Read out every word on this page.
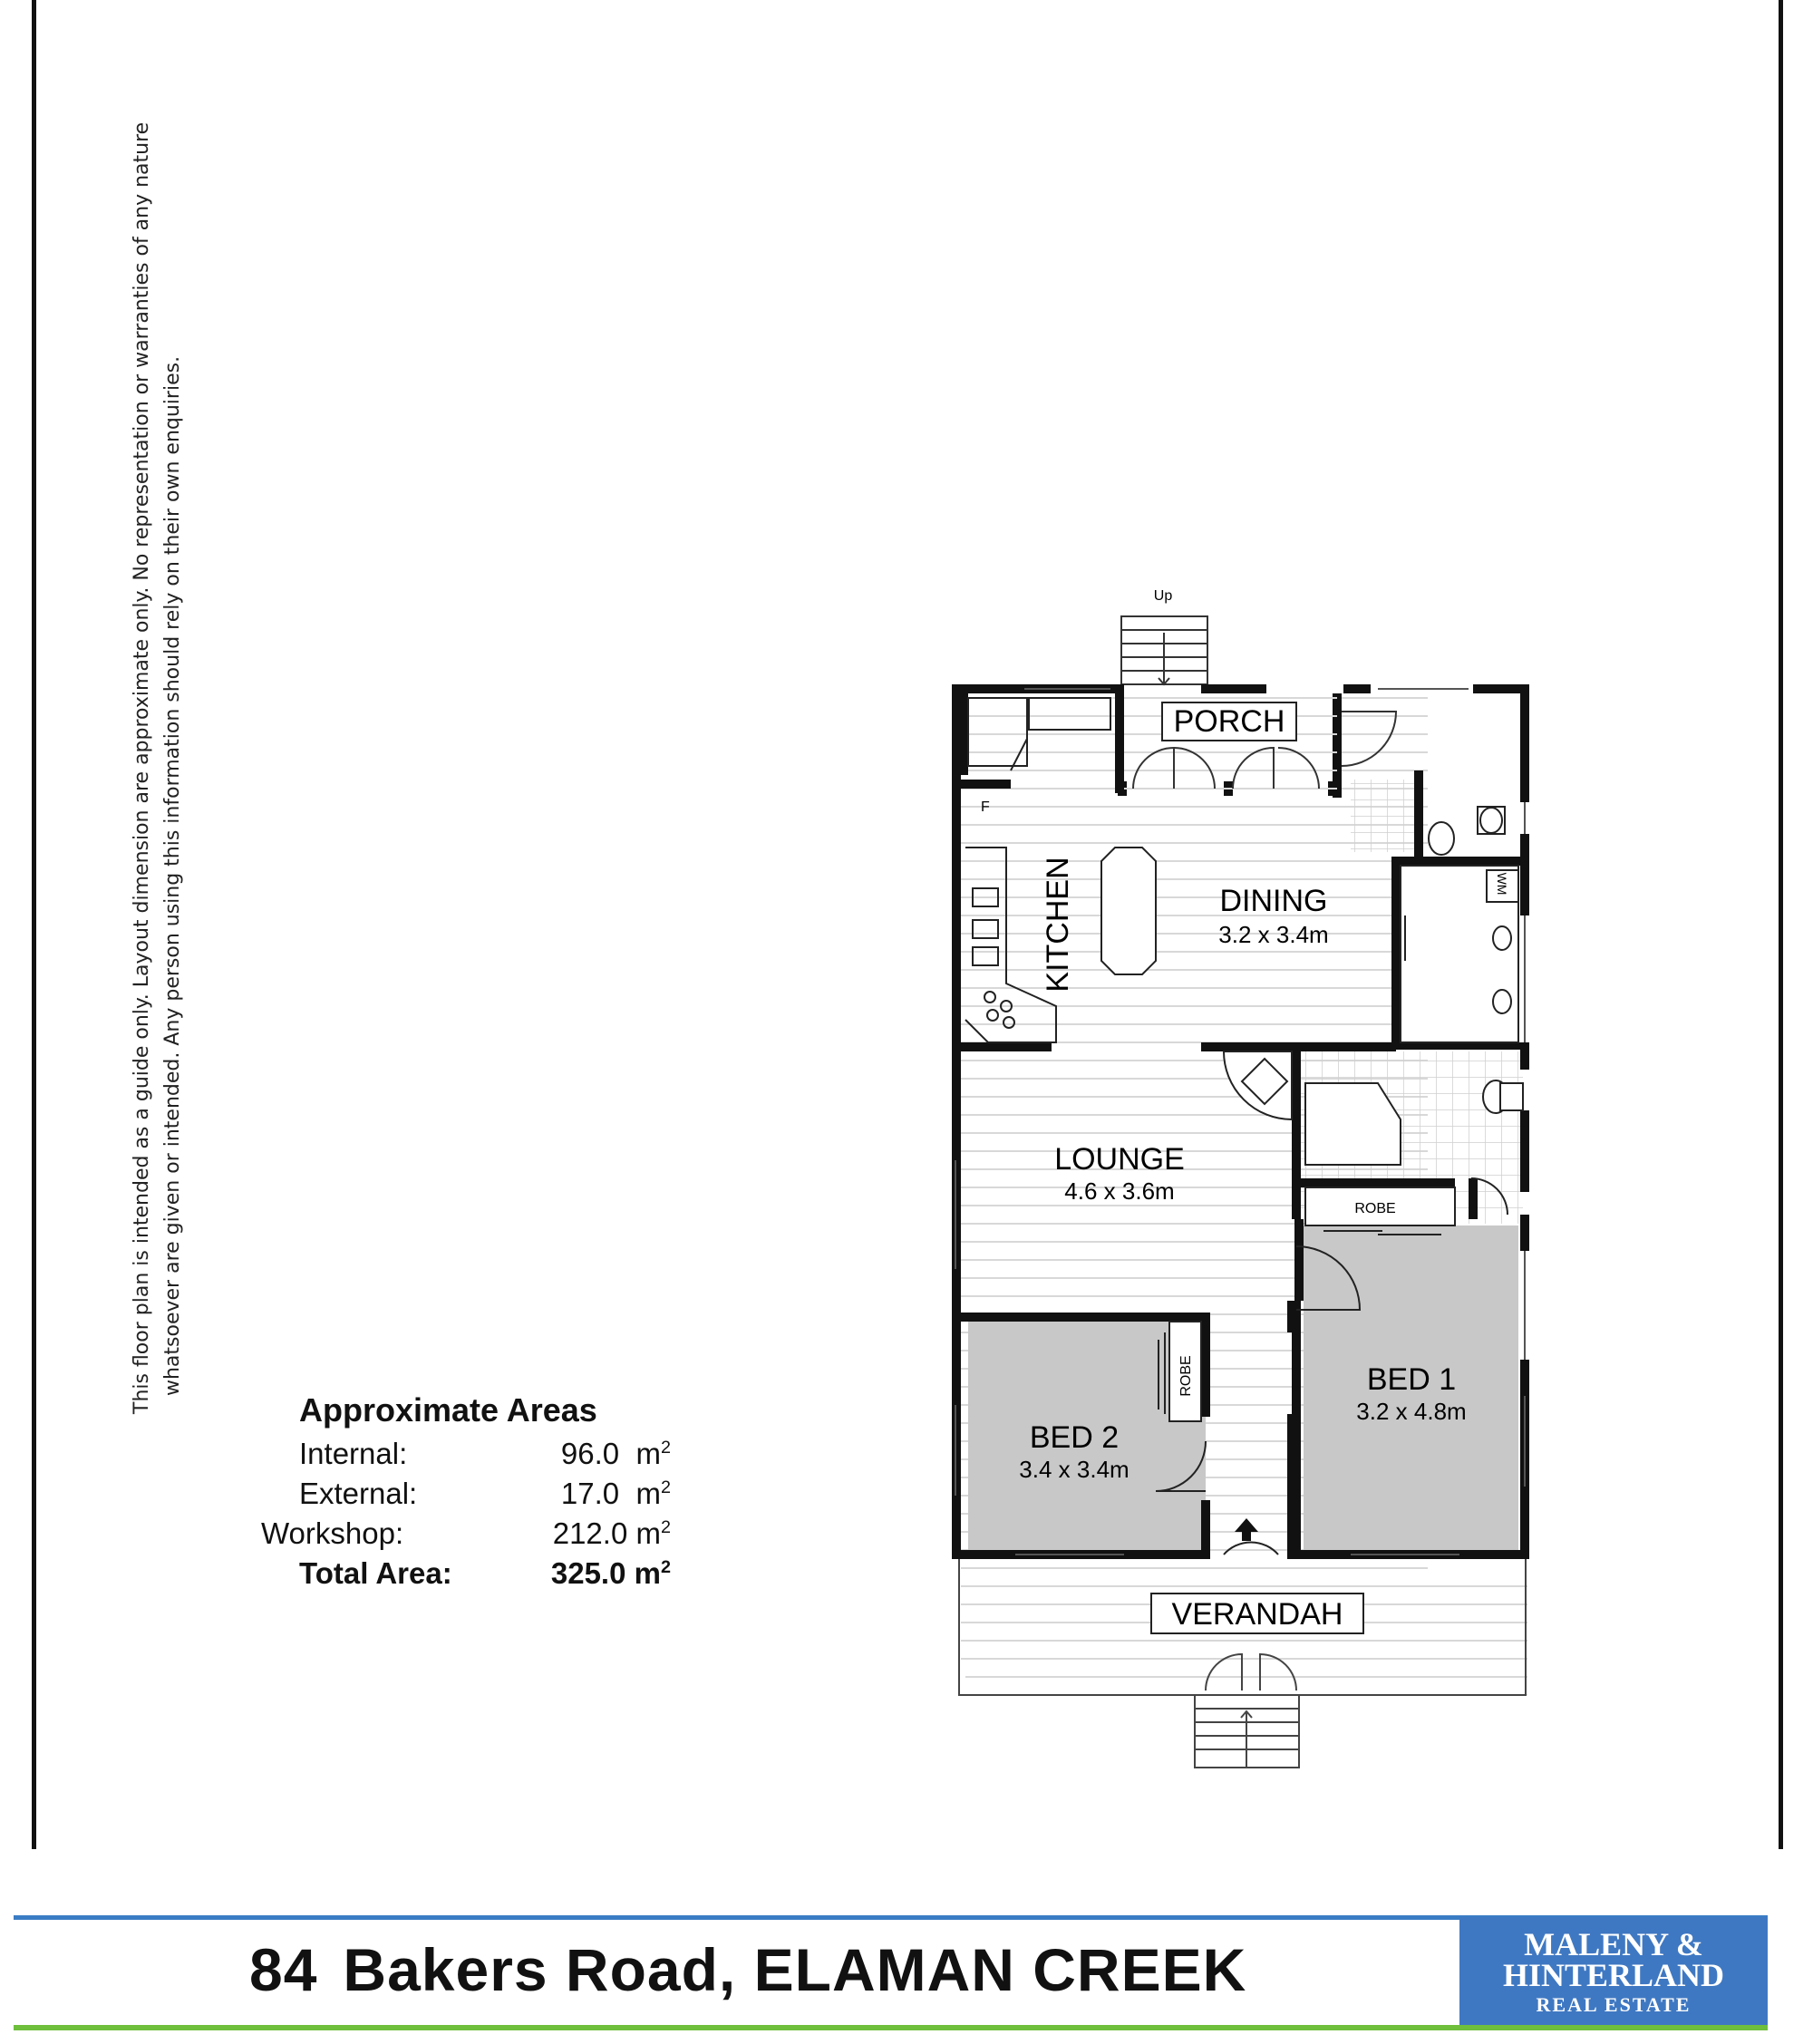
This floor plan is intended as a guide only. Layout dimension are approximate only. No representation or warranties of any nature whatsoever are given or intended. Any person using this information should rely on their own enquiries.	Up
PORCH
F
KITCHEN	DINING
3.2 x 3.4m
WM
LOUNGE
4.6 x 3.6m
ROBE
ROBE	BED 1
3.2 x 4.8m
BED 2
3.4 x 3.4m
VERANDAH
Approximate Areas
Internal:	96.0 $m^2$
External:	17.0 $m^2$
Workshop:	212.0 $m^2$
Total Area:	325.0 $m^2$
84 Bakers Road, ELAMAN CREEK	MALENY &
HINTERLAND
REAL ESTATE
